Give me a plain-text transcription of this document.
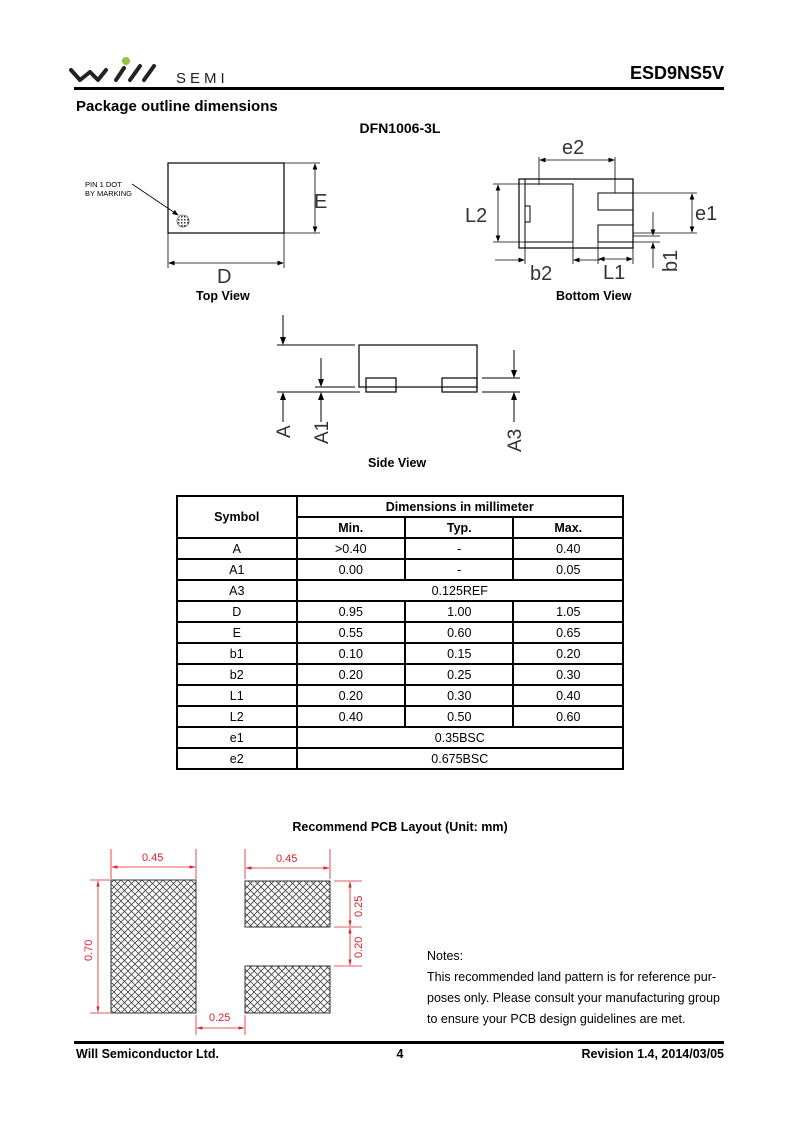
SEMI	ESD9NS5V
Package outline dimensions
DFN1006-3L
PIN 1 DOT
BY MARKING	E
D
Top View
e2
L2	e1
b1
b2	L1
Bottom View
A A1	A3
Side View
Symbol	Dimensions in millimeter		
	Min.	Typ.	Max.
A	>0.40	-	0.40
A1	0.00	-	0.05
A3	0.125REF		
D	0.95	1.00	1.05
E	0.55	0.60	0.65
b1	0.10	0.15	0.20
b2	0.20	0.25	0.30
L1	0.20	0.30	0.40
L2	0.40	0.50	0.60
e1	0.35BSC		
e2	0.675BSC		
Recommend PCB Layout (Unit: mm)
0.45	0.45
0.70
0.25
0.20
0.25
Notes:
This recommended land pattern is for reference pur-
poses only. Please consult your manufacturing group
to ensure your PCB design guidelines are met.
Will Semiconductor Ltd.	4	Revision 1.4, 2014/03/05
